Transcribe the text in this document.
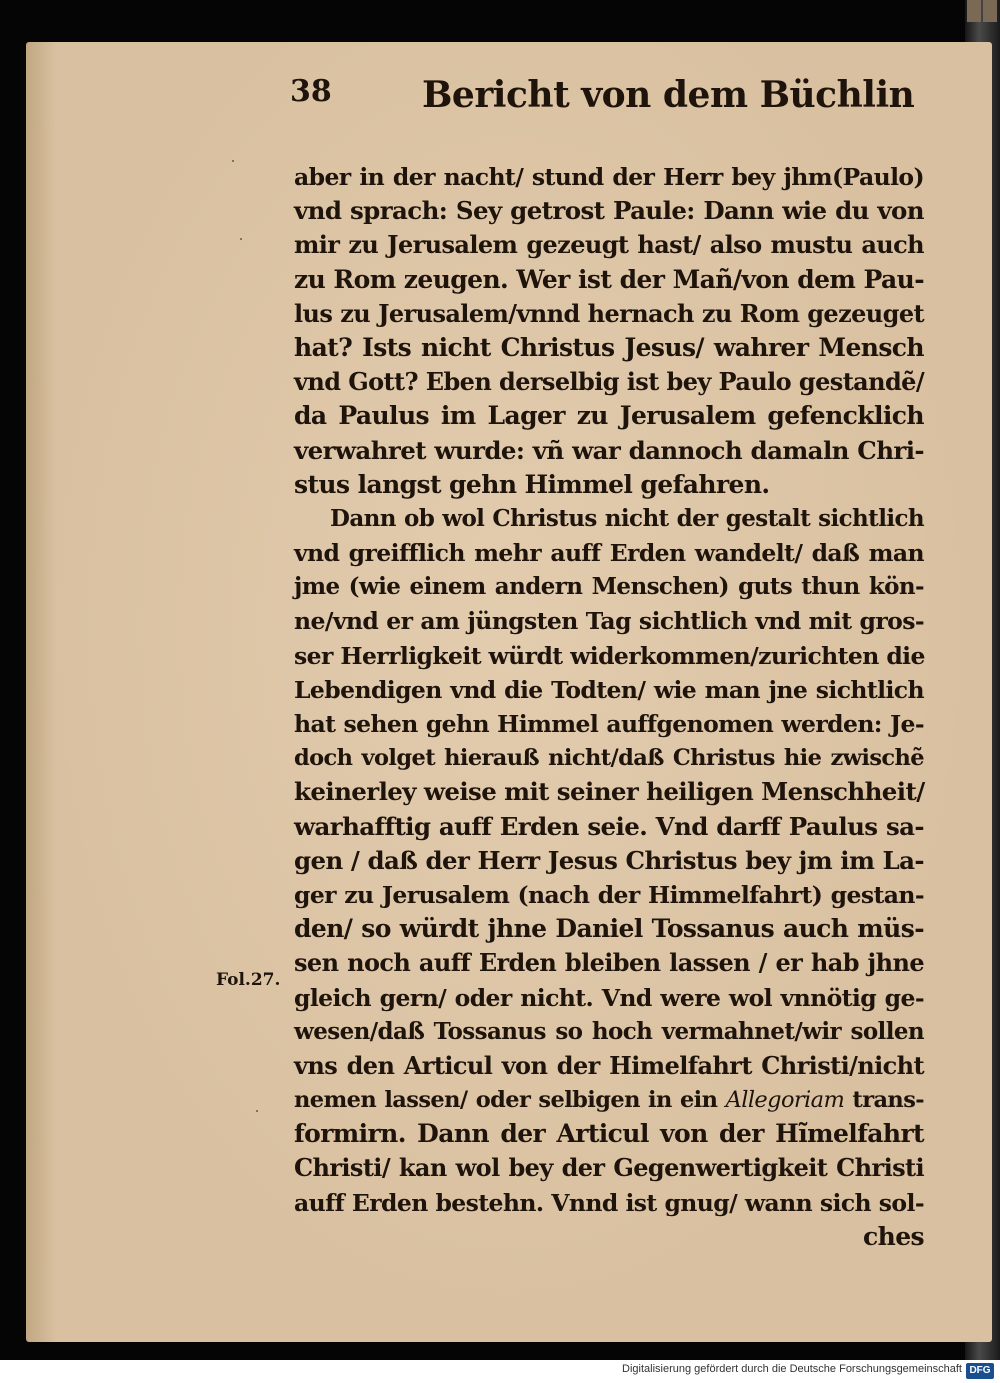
38	Bericht von dem Büchlin
Fol.27.
aber in der nacht/ stund der Herr bey jhm(Paulo)
vnd sprach: Sey getrost Paule: Dann wie du von
mir zu Jerusalem gezeugt hast/ also mustu auch
zu Rom zeugen. Wer ist der Mañ/von dem Pau-
lus zu Jerusalem/vnnd hernach zu Rom gezeuget
hat? Ists nicht Christus Jesus/ wahrer Mensch
vnd Gott? Eben derselbig ist bey Paulo gestandẽ/
da Paulus im Lager zu Jerusalem gefencklich
verwahret wurde: vñ war dannoch damaln Chri-
stus langst gehn Himmel gefahren.
Dann ob wol Christus nicht der gestalt sichtlich
vnd greifflich mehr auff Erden wandelt/ daß man
jme (wie einem andern Menschen) guts thun kön-
ne/vnd er am jüngsten Tag sichtlich vnd mit gros-
ser Herrligkeit würdt widerkommen/zurichten die
Lebendigen vnd die Todten/ wie man jne sichtlich
hat sehen gehn Himmel auffgenomen werden: Je-
doch volget hierauß nicht/daß Christus hie zwischẽ
keinerley weise mit seiner heiligen Menschheit/
warhafftig auff Erden seie. Vnd darff Paulus sa-
gen / daß der Herr Jesus Christus bey jm im La-
ger zu Jerusalem (nach der Himmelfahrt) gestan-
den/ so würdt jhne Daniel Tossanus auch müs-
sen noch auff Erden bleiben lassen / er hab jhne
gleich gern/ oder nicht. Vnd were wol vnnötig ge-
wesen/daß Tossanus so hoch vermahnet/wir sollen
vns den Articul von der Himelfahrt Christi/nicht
nemen lassen/ oder selbigen in ein Allegoriam trans-
formirn. Dann der Articul von der Hĩmelfahrt
Christi/ kan wol bey der Gegenwertigkeit Christi
auff Erden bestehn. Vnnd ist gnug/ wann sich sol-
ches
Digitalisierung gefördert durch die Deutsche Forschungsgemeinschaft DFG
